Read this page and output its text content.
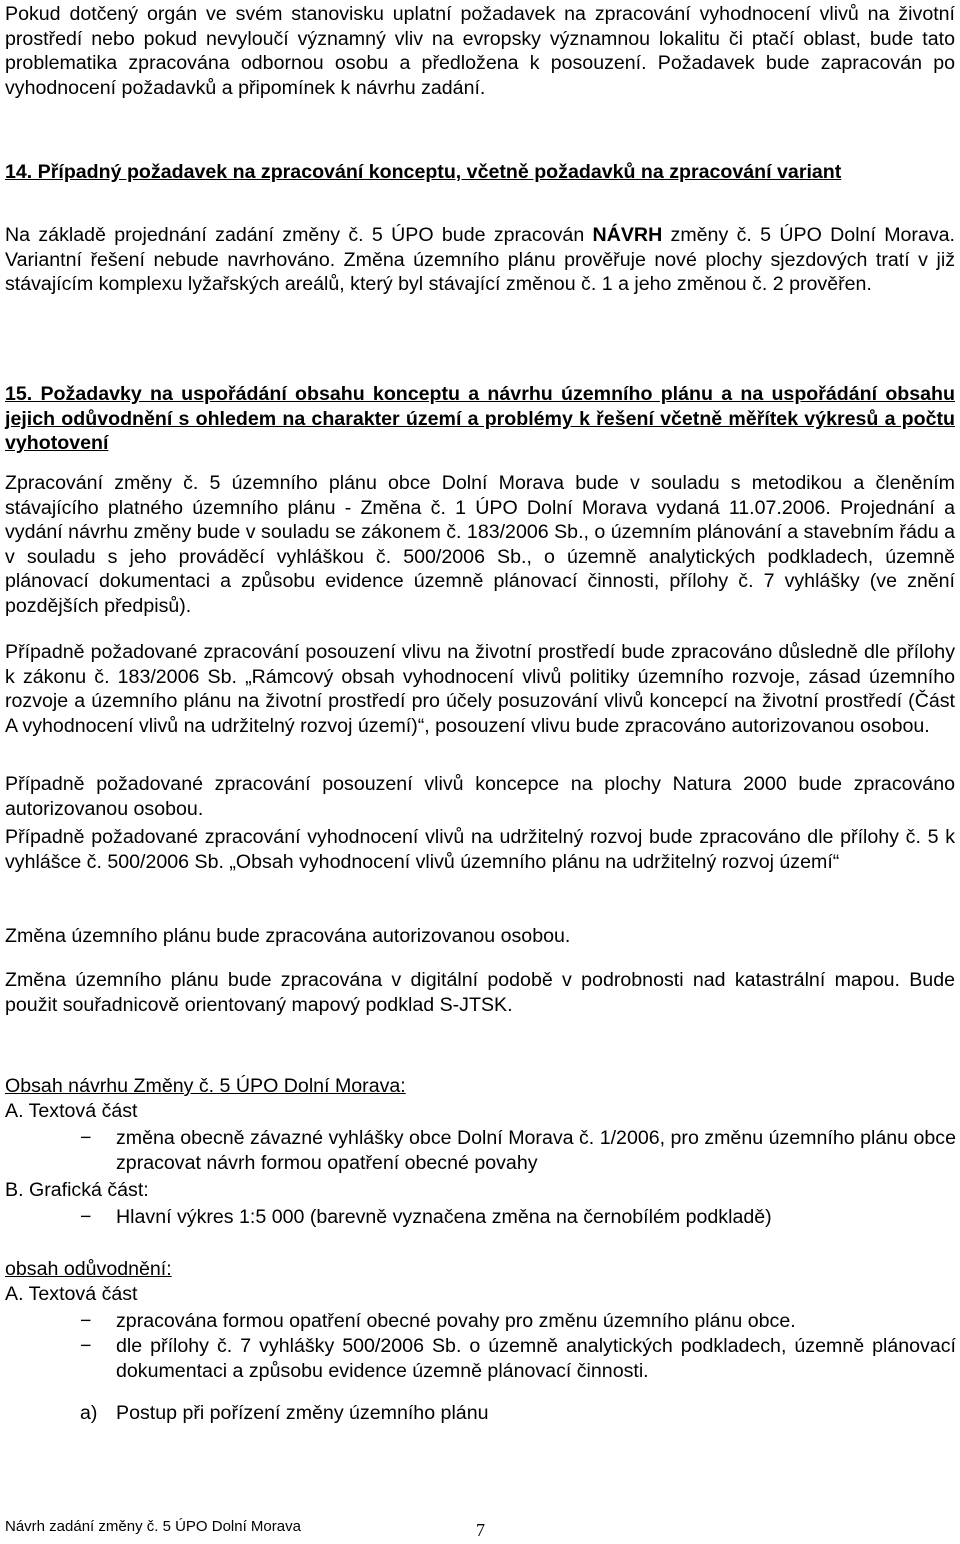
Pokud dotčený orgán ve svém stanovisku uplatní požadavek na zpracování vyhodnocení vlivů na životní prostředí nebo pokud nevyloučí významný vliv na evropsky významnou lokalitu či ptačí oblast, bude tato problematika zpracována odbornou osobu a předložena k posouzení. Požadavek bude zapracován po vyhodnocení požadavků a připomínek k návrhu zadání.
14. Případný požadavek na zpracování konceptu, včetně požadavků na zpracování variant
Na základě projednání zadání změny č. 5 ÚPO bude zpracován NÁVRH změny č. 5 ÚPO Dolní Morava. Variantní řešení nebude navrhováno. Změna územního plánu prověřuje nové plochy sjezdových tratí v již stávajícím komplexu lyžařských areálů, který byl stávající změnou č. 1 a jeho změnou č. 2 prověřen.
15. Požadavky na uspořádání obsahu konceptu a návrhu územního plánu a na uspořádání obsahu jejich odůvodnění s ohledem na charakter území a problémy k řešení včetně měřítek výkresů a počtu vyhotovení
Zpracování změny č. 5 územního plánu obce Dolní Morava bude v souladu s metodikou a členěním stávajícího platného územního plánu - Změna č. 1 ÚPO Dolní Morava vydaná 11.07.2006. Projednání a vydání návrhu změny bude v souladu se zákonem č. 183/2006 Sb., o územním plánování a stavebním řádu a v souladu s jeho prováděcí vyhláškou č. 500/2006 Sb., o územně analytických podkladech, územně plánovací dokumentaci a způsobu evidence územně plánovací činnosti, přílohy č. 7 vyhlášky (ve znění pozdějších předpisů).
Případně požadované zpracování posouzení vlivu na životní prostředí bude zpracováno důsledně dle přílohy k zákonu č. 183/2006 Sb. „Rámcový obsah vyhodnocení vlivů politiky územního rozvoje, zásad územního rozvoje a územního plánu na životní prostředí pro účely posuzování vlivů koncepcí na životní prostředí (Část A vyhodnocení vlivů na udržitelný rozvoj území)“, posouzení vlivu bude zpracováno autorizovanou osobou.
Případně požadované zpracování posouzení vlivů koncepce na plochy Natura 2000 bude zpracováno autorizovanou osobou.
Případně požadované zpracování vyhodnocení vlivů na udržitelný rozvoj bude zpracováno dle přílohy č. 5 k vyhlášce č. 500/2006 Sb. „Obsah vyhodnocení vlivů územního plánu na udržitelný rozvoj území“
Změna územního plánu bude zpracována autorizovanou osobou.
Změna územního plánu bude zpracována v digitální podobě v podrobnosti nad katastrální mapou. Bude použit souřadnicově orientovaný mapový podklad S-JTSK.
Obsah návrhu Změny č. 5 ÚPO Dolní Morava:
A. Textová část
− změna obecně závazné vyhlášky obce Dolní Morava č. 1/2006, pro změnu územního plánu obce zpracovat návrh formou opatření obecné povahy
B. Grafická část:
− Hlavní výkres 1:5 000 (barevně vyznačena změna na černobílém podkladě)
obsah odůvodnění:
A. Textová část
− zpracována formou opatření obecné povahy pro změnu územního plánu obce.
− dle přílohy č. 7 vyhlášky 500/2006 Sb. o územně analytických podkladech, územně plánovací dokumentaci a způsobu evidence územně plánovací činnosti.
a) Postup při pořízení změny územního plánu
Návrh zadání změny č. 5 ÚPO Dolní Morava	7
